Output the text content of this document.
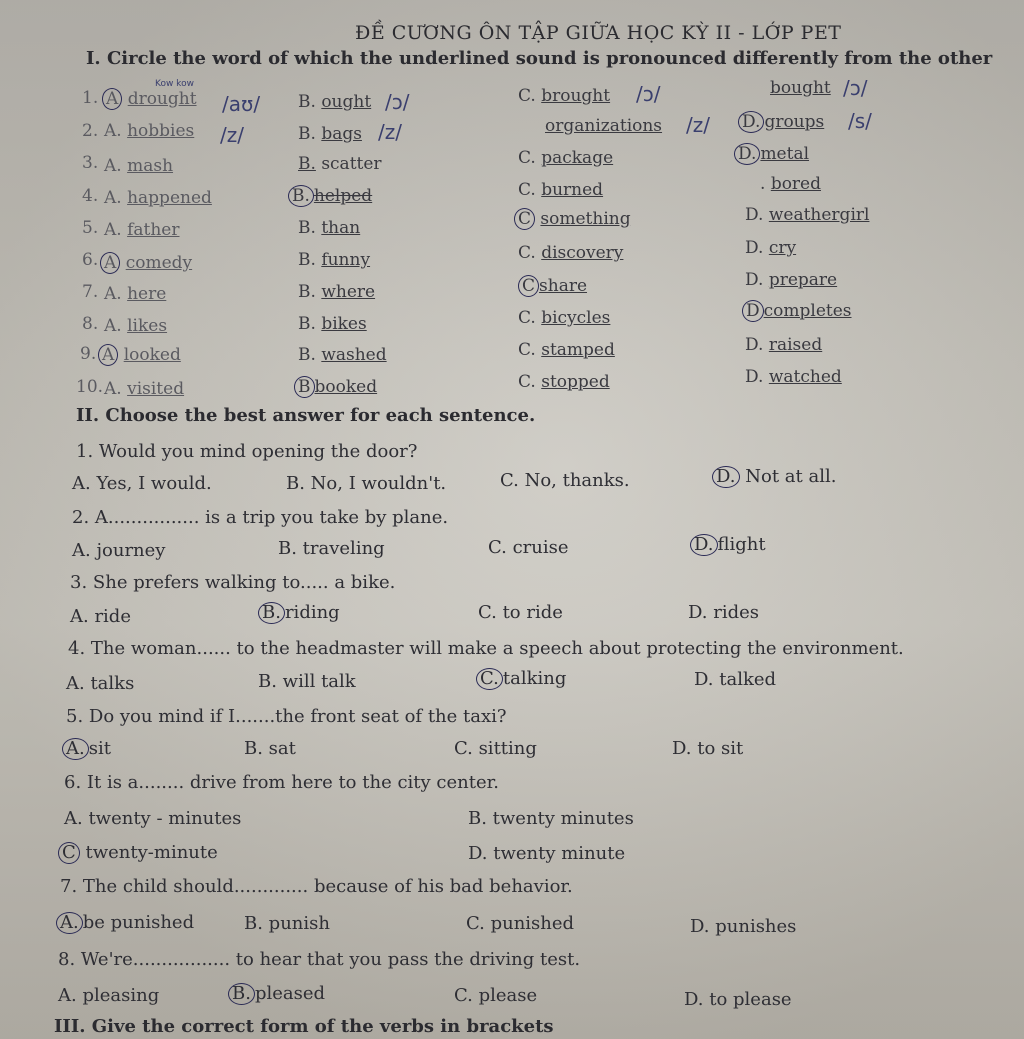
ĐỀ CƯƠNG ÔN TẬP GIỮA HỌC KỲ II - LỚP PET
I. Circle the word of which the underlined sound is pronounced differently from the other
1. A drought	B. ought	C. brought	bought
2. A. hobbies	B. bags	organizations	D. groups
3. A. mash	B. scatter	C. package	D. metal
4. A. happened	B. helped	C. burned	. bored
5. A. father	B. than	C something	D. weathergirl
6. A comedy	B. funny	C. discovery	D. cry
7. A. here	B. where	C share	D. prepare
8. A. likes	B. bikes	C. bicycles	D completes
9. A looked	B. washed	C. stamped	D. raised
10. A. visited	B booked	C. stopped	D. watched
Kow kow
/aʊ/	/ɔ/	/ɔ/	/ɔ/
/z/	/z/	/z/	/s/
II. Choose the best answer for each sentence.
1. Would you mind opening the door?
A. Yes, I would.	B. No, I wouldn't.	C. No, thanks.	D. Not at all.
2. A................ is a trip you take by plane.
A. journey	B. traveling	C. cruise	D. flight
3. She prefers walking to..... a bike.
A. ride	B. riding	C. to ride	D. rides
4. The woman...... to the headmaster will make a speech about protecting the environment.
A. talks	B. will talk	C. talking	D. talked
5. Do you mind if I.......the front seat of the taxi?
A. sit	B. sat	C. sitting	D. to sit
6. It is a........ drive from here to the city center.
A. twenty - minutes	B. twenty minutes
C twenty-minute	D. twenty minute
7. The child should............. because of his bad behavior.
A. be punished	B. punish	C. punished	D. punishes
8. We're................. to hear that you pass the driving test.
A. pleasing	B. pleased	C. please	D. to please
III. Give the correct form of the verbs in brackets
